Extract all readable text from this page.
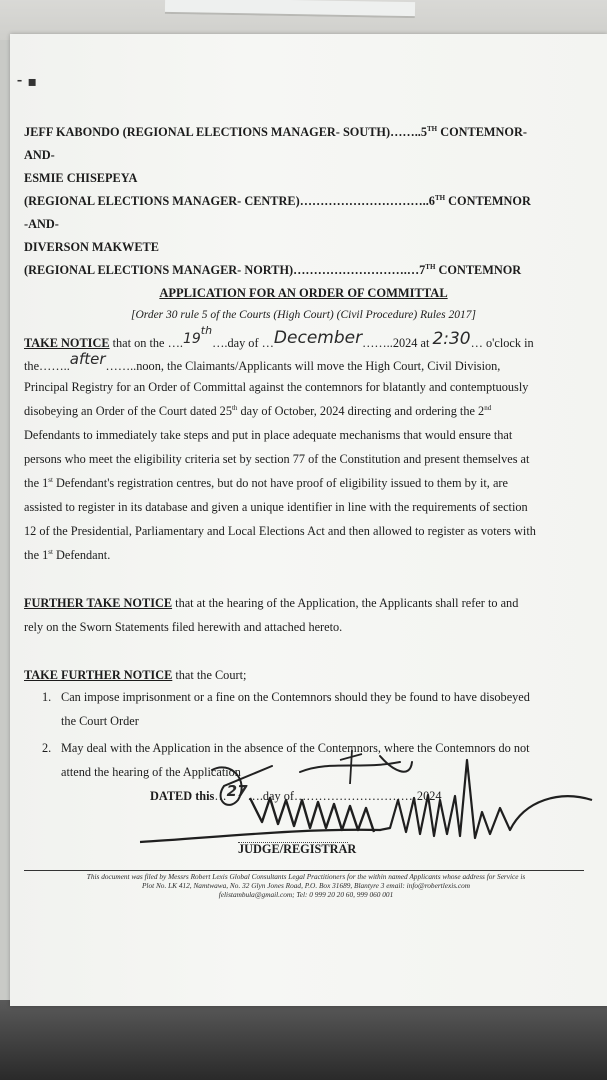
⁃ ▪
JEFF KABONDO (REGIONAL ELECTIONS MANAGER- SOUTH)……..5TH CONTEMNOR-
AND-
ESMIE CHISEPEYA
(REGIONAL ELECTIONS MANAGER- CENTRE)…………………………..6TH CONTEMNOR
-AND-
DIVERSON MAKWETE
(REGIONAL ELECTIONS MANAGER- NORTH)……………………….…7TH CONTEMNOR
APPLICATION FOR AN ORDER OF COMMITTAL
[Order 30 rule 5 of the Courts (High Court) (Civil Procedure) Rules 2017]
TAKE NOTICE that on the ….19th….day of …December……..2024 at 2:30… o'clock in
the……..after……..noon, the Claimants/Applicants will move the High Court, Civil Division,
Principal Registry for an Order of Committal against the contemnors for blatantly and contemptuously
disobeying an Order of the Court dated 25th day of October, 2024 directing and ordering the 2nd
Defendants to immediately take steps and put in place adequate mechanisms that would ensure that
persons who meet the eligibility criteria set by section 77 of the Constitution and present themselves at
the 1st Defendant's registration centres, but do not have proof of eligibility issued to them by it, are
assisted to register in its database and given a unique identifier in line with the requirements of section
12 of the Presidential, Parliamentary and Local Elections Act and then allowed to register as voters with
the 1st Defendant.
FURTHER TAKE NOTICE that at the hearing of the Application, the Applicants shall refer to and
rely on the Sworn Statements filed herewith and attached hereto.
TAKE FURTHER NOTICE that the Court;
1. Can impose imprisonment or a fine on the Contemnors should they be found to have disobeyed
the Court Order
2. May deal with the Application in the absence of the Contemnors, where the Contemnors do not
attend the hearing of the Application
DATED this…27….day of…………………………2024
JUDGE/REGISTRAR
This document was filed by Messrs Robert Lexis Global Consultants Legal Practitioners for the within named Applicants whose address for Service is
Plot No. LK 412, Namtwawa, No. 32 Glyn Jones Road, P.O. Box 31689, Blantyre 3 email: info@robertlexis.com
felistambula@gmail.com; Tel: 0 999 20 20 60, 999 060 001
